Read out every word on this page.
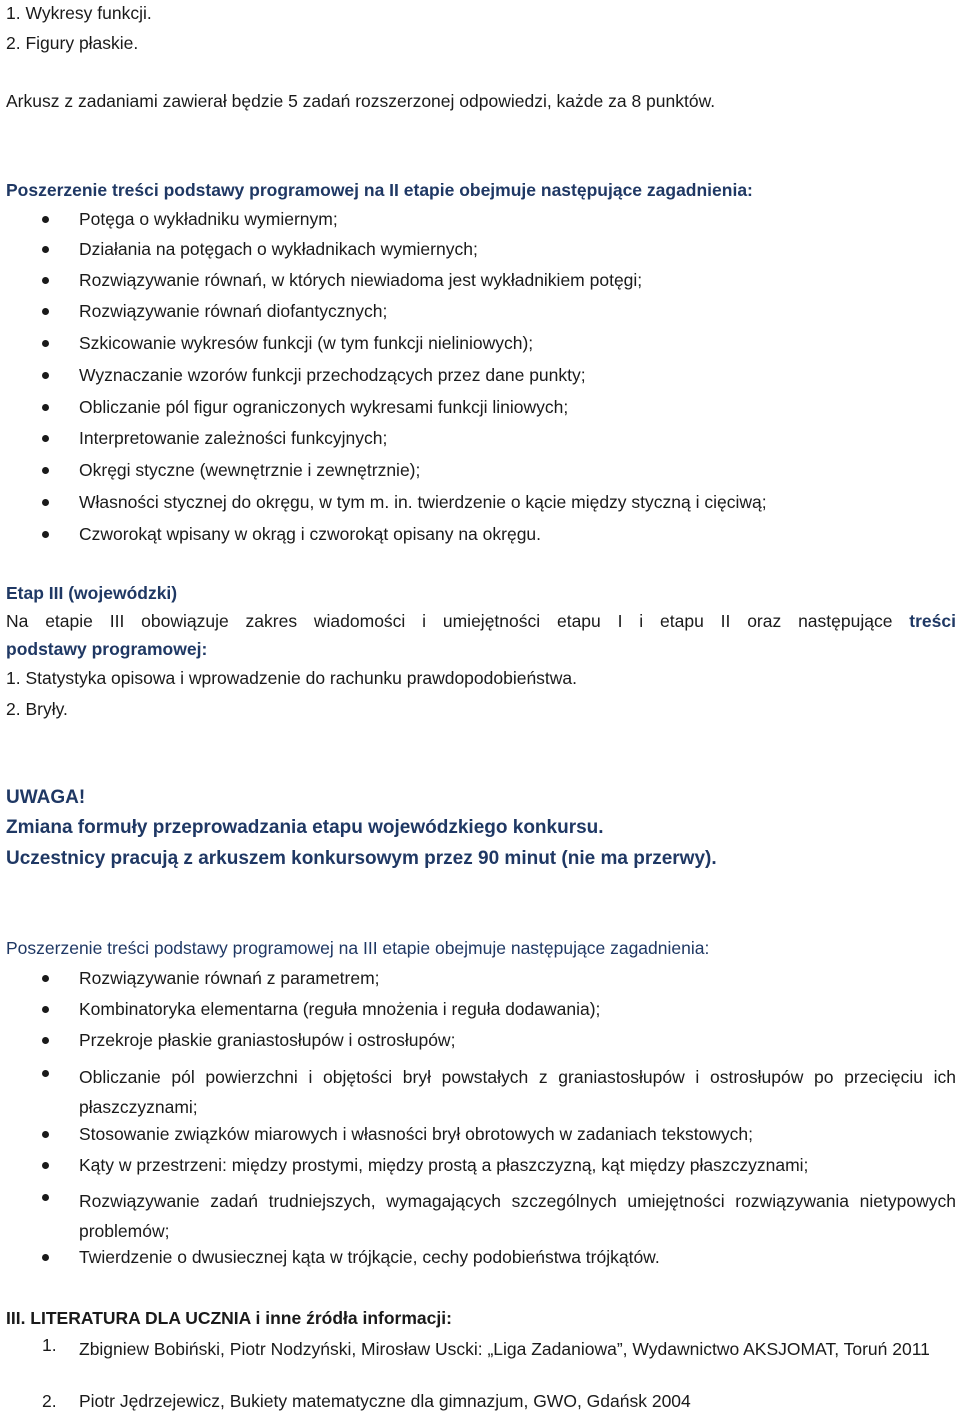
1. Wykresy funkcji.
2. Figury płaskie.
Arkusz z zadaniami zawierał będzie 5 zadań rozszerzonej odpowiedzi, każde za 8 punktów.
Poszerzenie treści podstawy programowej na II etapie obejmuje następujące zagadnienia:
Potęga o wykładniku wymiernym;
Działania na potęgach o wykładnikach wymiernych;
Rozwiązywanie równań, w których niewiadoma jest wykładnikiem potęgi;
Rozwiązywanie równań diofantycznych;
Szkicowanie wykresów funkcji (w tym funkcji nieliniowych);
Wyznaczanie wzorów funkcji przechodzących przez dane punkty;
Obliczanie pól figur ograniczonych wykresami funkcji liniowych;
Interpretowanie zależności funkcyjnych;
Okręgi styczne (wewnętrznie i zewnętrznie);
Własności stycznej do okręgu, w tym m. in. twierdzenie o kącie między styczną i cięciwą;
Czworokąt wpisany w okrąg i czworokąt opisany na okręgu.
Etap III (wojewódzki)
Na etapie III obowiązuje zakres wiadomości i umiejętności etapu I i etapu II oraz następujące treści
podstawy programowej:
1. Statystyka opisowa i wprowadzenie do rachunku prawdopodobieństwa.
2. Bryły.
UWAGA!
Zmiana formuły przeprowadzania etapu wojewódzkiego konkursu.
Uczestnicy pracują z arkuszem konkursowym przez 90 minut (nie ma przerwy).
Poszerzenie treści podstawy programowej na III etapie obejmuje następujące zagadnienia:
Rozwiązywanie równań z parametrem;
Kombinatoryka elementarna (reguła mnożenia i reguła dodawania);
Przekroje płaskie graniastosłupów i ostrosłupów;
Obliczanie pól powierzchni i objętości brył powstałych z graniastosłupów i ostrosłupów po przecięciu ich płaszczyznami;
Stosowanie związków miarowych i własności brył obrotowych w zadaniach tekstowych;
Kąty w przestrzeni: między prostymi, między prostą a płaszczyzną, kąt między płaszczyznami;
Rozwiązywanie zadań trudniejszych, wymagających szczególnych umiejętności rozwiązywania nietypowych problemów;
Twierdzenie o dwusiecznej kąta w trójkącie, cechy podobieństwa trójkątów.
III. LITERATURA DLA UCZNIA i inne źródła informacji:
1. Zbigniew Bobiński, Piotr Nodzyński, Mirosław Uscki: „Liga Zadaniowa”, Wydawnictwo AKSJOMAT, Toruń 2011
2. Piotr Jędrzejewicz, Bukiety matematyczne dla gimnazjum, GWO, Gdańsk 2004
